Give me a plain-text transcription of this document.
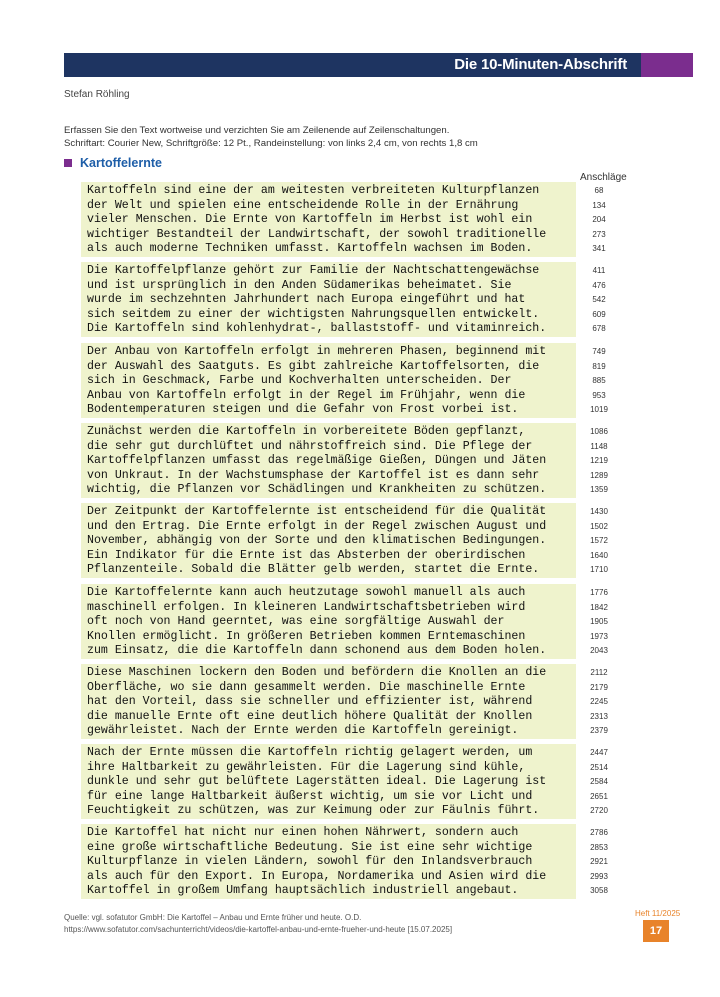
Die 10-Minuten-Abschrift
Stefan Röhling
Erfassen Sie den Text wortweise und verzichten Sie am Zeilenende auf Zeilenschaltungen.
Schriftart: Courier New, Schriftgröße: 12 Pt., Randeinstellung: von links 2,4 cm, von rechts 1,8 cm
Kartoffelernte
Anschläge
Kartoffeln sind eine der am weitesten verbreiteten Kulturpflanzen
der Welt und spielen eine entscheidende Rolle in der Ernährung
vieler Menschen. Die Ernte von Kartoffeln im Herbst ist wohl ein
wichtiger Bestandteil der Landwirtschaft, der sowohl traditionelle
als auch moderne Techniken umfasst. Kartoffeln wachsen im Boden.
68
134
204
273
341
Die Kartoffelpflanze gehört zur Familie der Nachtschattengewächse
und ist ursprünglich in den Anden Südamerikas beheimatet. Sie
wurde im sechzehnten Jahrhundert nach Europa eingeführt und hat
sich seitdem zu einer der wichtigsten Nahrungsquellen entwickelt.
Die Kartoffeln sind kohlenhydrat-, ballaststoff- und vitaminreich.
411
476
542
609
678
Der Anbau von Kartoffeln erfolgt in mehreren Phasen, beginnend mit
der Auswahl des Saatguts. Es gibt zahlreiche Kartoffelsorten, die
sich in Geschmack, Farbe und Kochverhalten unterscheiden. Der
Anbau von Kartoffeln erfolgt in der Regel im Frühjahr, wenn die
Bodentemperaturen steigen und die Gefahr von Frost vorbei ist.
749
819
885
953
1019
Zunächst werden die Kartoffeln in vorbereitete Böden gepflanzt,
die sehr gut durchlüftet und nährstoffreich sind. Die Pflege der
Kartoffelpflanzen umfasst das regelmäßige Gießen, Düngen und Jäten
von Unkraut. In der Wachstumsphase der Kartoffel ist es dann sehr
wichtig, die Pflanzen vor Schädlingen und Krankheiten zu schützen.
1086
1148
1219
1289
1359
Der Zeitpunkt der Kartoffelernte ist entscheidend für die Qualität
und den Ertrag. Die Ernte erfolgt in der Regel zwischen August und
November, abhängig von der Sorte und den klimatischen Bedingungen.
Ein Indikator für die Ernte ist das Absterben der oberirdischen
Pflanzenteile. Sobald die Blätter gelb werden, startet die Ernte.
1430
1502
1572
1640
1710
Die Kartoffelernte kann auch heutzutage sowohl manuell als auch
maschinell erfolgen. In kleineren Landwirtschaftsbetrieben wird
oft noch von Hand geerntet, was eine sorgfältige Auswahl der
Knollen ermöglicht. In größeren Betrieben kommen Erntemaschinen
zum Einsatz, die die Kartoffeln dann schonend aus dem Boden holen.
1776
1842
1905
1973
2043
Diese Maschinen lockern den Boden und befördern die Knollen an die
Oberfläche, wo sie dann gesammelt werden. Die maschinelle Ernte
hat den Vorteil, dass sie schneller und effizienter ist, während
die manuelle Ernte oft eine deutlich höhere Qualität der Knollen
gewährleistet. Nach der Ernte werden die Kartoffeln gereinigt.
2112
2179
2245
2313
2379
Nach der Ernte müssen die Kartoffeln richtig gelagert werden, um
ihre Haltbarkeit zu gewährleisten. Für die Lagerung sind kühle,
dunkle und sehr gut belüftete Lagerstätten ideal. Die Lagerung ist
für eine lange Haltbarkeit äußerst wichtig, um sie vor Licht und
Feuchtigkeit zu schützen, was zur Keimung oder zur Fäulnis führt.
2447
2514
2584
2651
2720
Die Kartoffel hat nicht nur einen hohen Nährwert, sondern auch
eine große wirtschaftliche Bedeutung. Sie ist eine sehr wichtige
Kulturpflanze in vielen Ländern, sowohl für den Inlandsverbrauch
als auch für den Export. In Europa, Nordamerika und Asien wird die
Kartoffel in großem Umfang hauptsächlich industriell angebaut.
2786
2853
2921
2993
3058
Quelle: vgl. sofatutor GmbH: Die Kartoffel – Anbau und Ernte früher und heute. O.D.
https://www.sofatutor.com/sachunterricht/videos/die-kartoffel-anbau-und-ernte-frueher-und-heute [15.07.2025]
Heft 11/2025
17
